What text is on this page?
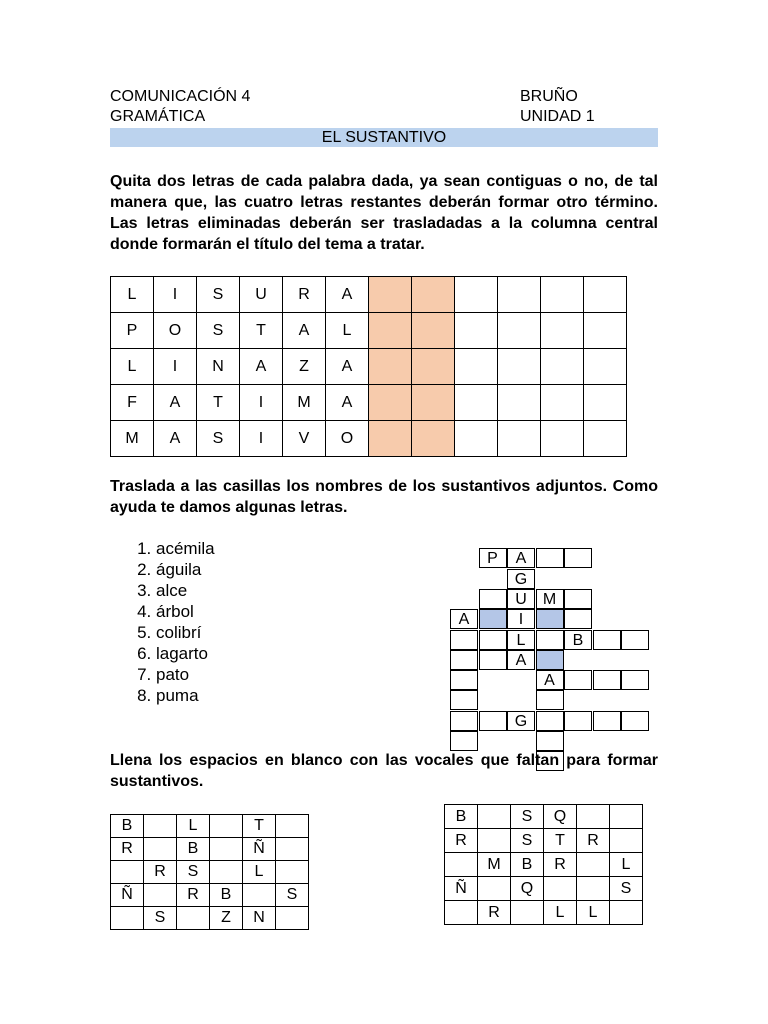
COMUNICACIÓN 4
GRAMÁTICA
BRUÑO
UNIDAD 1
EL SUSTANTIVO
Quita dos letras de cada palabra dada, ya sean contiguas o no, de tal manera que, las cuatro letras restantes deberán formar otro término. Las letras eliminadas deberán ser trasladadas a la columna central donde formarán el título del tema a tratar.
L	I	S	U	R	A						
P	O	S	T	A	L						
L	I	N	A	Z	A						
F	A	T	I	M	A						
M	A	S	I	V	O						
Traslada a las casillas los nombres de los sustantivos adjuntos. Como ayuda te damos algunas letras.
1. acémila
2. águila
3. alce
4. árbol
5. colibrí
6. lagarto
7. pato
8. puma
P	A
G
U	M
A	I
L	B
A
A
G
Llena los espacios en blanco con las vocales que faltan para formar sustantivos.
B		L		T	
R		B		Ñ	
	R	S		L	
Ñ		R	B		S
	S		Z	N	
B		S	Q		
R		S	T	R	
	M	B	R		L
Ñ		Q			S
	R		L	L	
